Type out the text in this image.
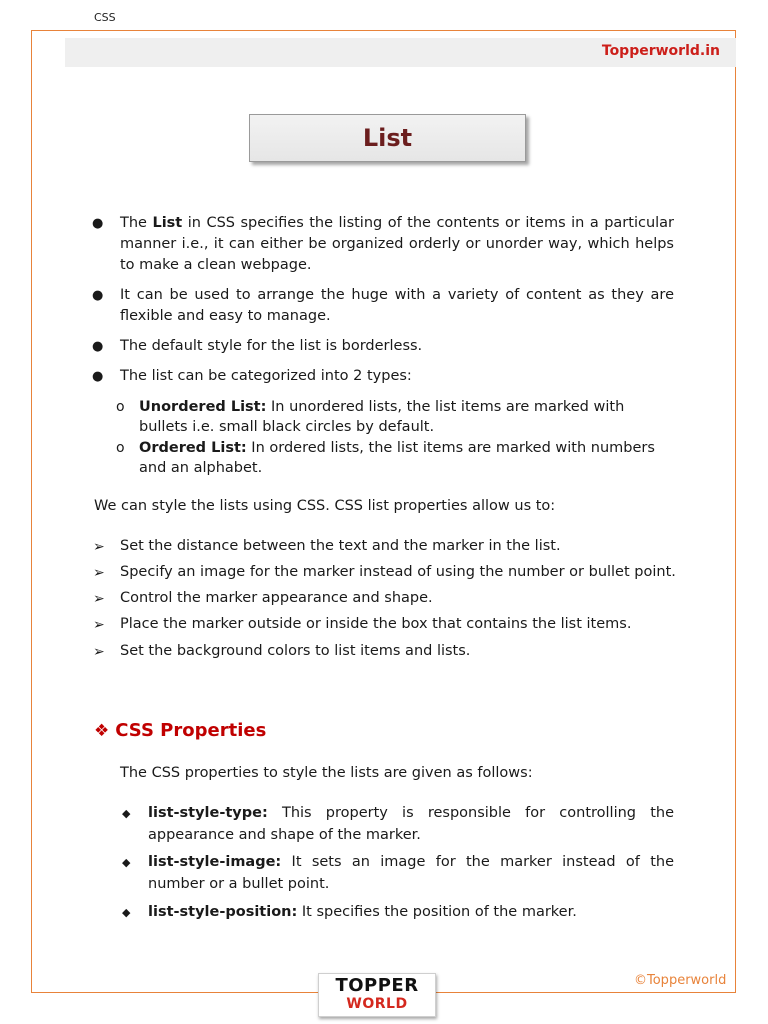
CSS
Topperworld.in
List
● The List in CSS specifies the listing of the contents or items in a particular manner i.e., it can either be organized orderly or unorder way, which helps to make a clean webpage.
● It can be used to arrange the huge with a variety of content as they are flexible and easy to manage.
● The default style for the list is borderless.
● The list can be categorized into 2 types:
o Unordered List: In unordered lists, the list items are marked with bullets i.e. small black circles by default.
o Ordered List: In ordered lists, the list items are marked with numbers and an alphabet.
We can style the lists using CSS. CSS list properties allow us to:
➢ Set the distance between the text and the marker in the list.
➢ Specify an image for the marker instead of using the number or bullet point.
➢ Control the marker appearance and shape.
➢ Place the marker outside or inside the box that contains the list items.
➢ Set the background colors to list items and lists.
❖ CSS Properties
The CSS properties to style the lists are given as follows:
◆ list-style-type: This property is responsible for controlling the appearance and shape of the marker.
◆ list-style-image: It sets an image for the marker instead of the number or a bullet point.
◆ list-style-position: It specifies the position of the marker.
©Topperworld
TOPPER
WORLD
